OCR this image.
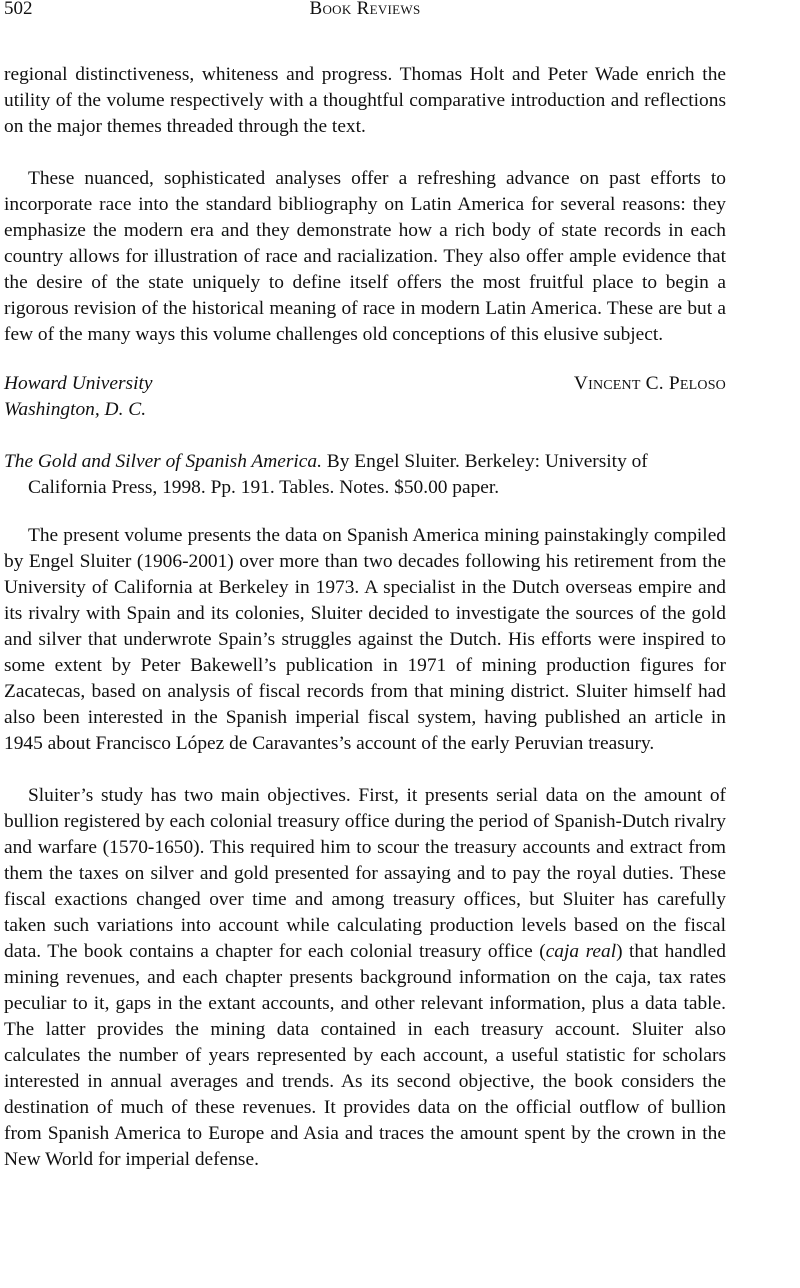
502	Book Reviews

regional distinctiveness, whiteness and progress. Thomas Holt and Peter Wade enrich the utility of the volume respectively with a thoughtful comparative introduction and reflections on the major themes threaded through the text.

These nuanced, sophisticated analyses offer a refreshing advance on past efforts to incorporate race into the standard bibliography on Latin America for several reasons: they emphasize the modern era and they demonstrate how a rich body of state records in each country allows for illustration of race and racialization. They also offer ample evidence that the desire of the state uniquely to define itself offers the most fruitful place to begin a rigorous revision of the historical meaning of race in modern Latin America. These are but a few of the many ways this volume challenges old conceptions of this elusive subject.

Howard University
Washington, D. C.
Vincent C. Peloso

The Gold and Silver of Spanish America. By Engel Sluiter. Berkeley: University of California Press, 1998. Pp. 191. Tables. Notes. $50.00 paper.

The present volume presents the data on Spanish America mining painstakingly compiled by Engel Sluiter (1906-2001) over more than two decades following his retirement from the University of California at Berkeley in 1973. A specialist in the Dutch overseas empire and its rivalry with Spain and its colonies, Sluiter decided to investigate the sources of the gold and silver that underwrote Spain’s struggles against the Dutch. His efforts were inspired to some extent by Peter Bakewell’s publication in 1971 of mining production figures for Zacatecas, based on analysis of fiscal records from that mining district. Sluiter himself had also been interested in the Spanish imperial fiscal system, having published an article in 1945 about Francisco López de Caravantes’s account of the early Peruvian treasury.

Sluiter’s study has two main objectives. First, it presents serial data on the amount of bullion registered by each colonial treasury office during the period of Spanish-Dutch rivalry and warfare (1570-1650). This required him to scour the treasury accounts and extract from them the taxes on silver and gold presented for assaying and to pay the royal duties. These fiscal exactions changed over time and among treasury offices, but Sluiter has carefully taken such variations into account while calculating production levels based on the fiscal data. The book contains a chapter for each colonial treasury office (caja real) that handled mining revenues, and each chapter presents background information on the caja, tax rates peculiar to it, gaps in the extant accounts, and other relevant information, plus a data table. The latter provides the mining data contained in each treasury account. Sluiter also calculates the number of years represented by each account, a useful statistic for scholars interested in annual averages and trends. As its second objective, the book considers the destination of much of these revenues. It provides data on the official outflow of bullion from Spanish America to Europe and Asia and traces the amount spent by the crown in the New World for imperial defense.
